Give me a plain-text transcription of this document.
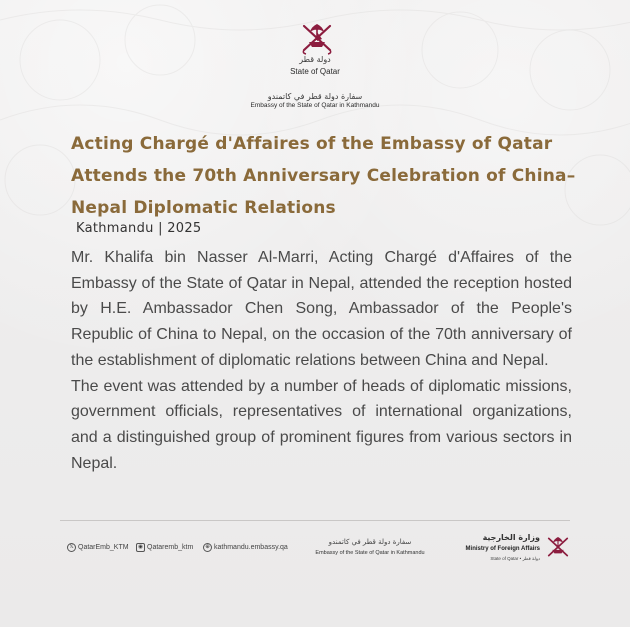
دولة قطر
State of Qatar
سفارة دولة قطر في كاتمندو
Embassy of the State of Qatar in Kathmandu
Acting Chargé d'Affaires of the Embassy of Qatar
Attends the 70th Anniversary Celebration of China–
Nepal Diplomatic Relations
Kathmandu | 2025

Mr. Khalifa bin Nasser Al-Marri, Acting Chargé d'Affaires of the Embassy of the State of Qatar in Nepal, attended the reception hosted by H.E. Ambassador Chen Song, Ambassador of the People's Republic of China to Nepal, on the occasion of the 70th anniversary of the establishment of diplomatic relations between China and Nepal.

The event was attended by a number of heads of diplomatic missions, government officials, representatives of international organizations, and a distinguished group of prominent figures from various sectors in Nepal.

𝕏 QatarEmb_KTM	◉ Qataremb_ktm	⊕ kathmandu.embassy.qa
سفارة دولة قطر في كاتمندو
Embassy of the State of Qatar in Kathmandu
وزارة الخارجية
Ministry of Foreign Affairs
State of Qatar • دولة قطر
